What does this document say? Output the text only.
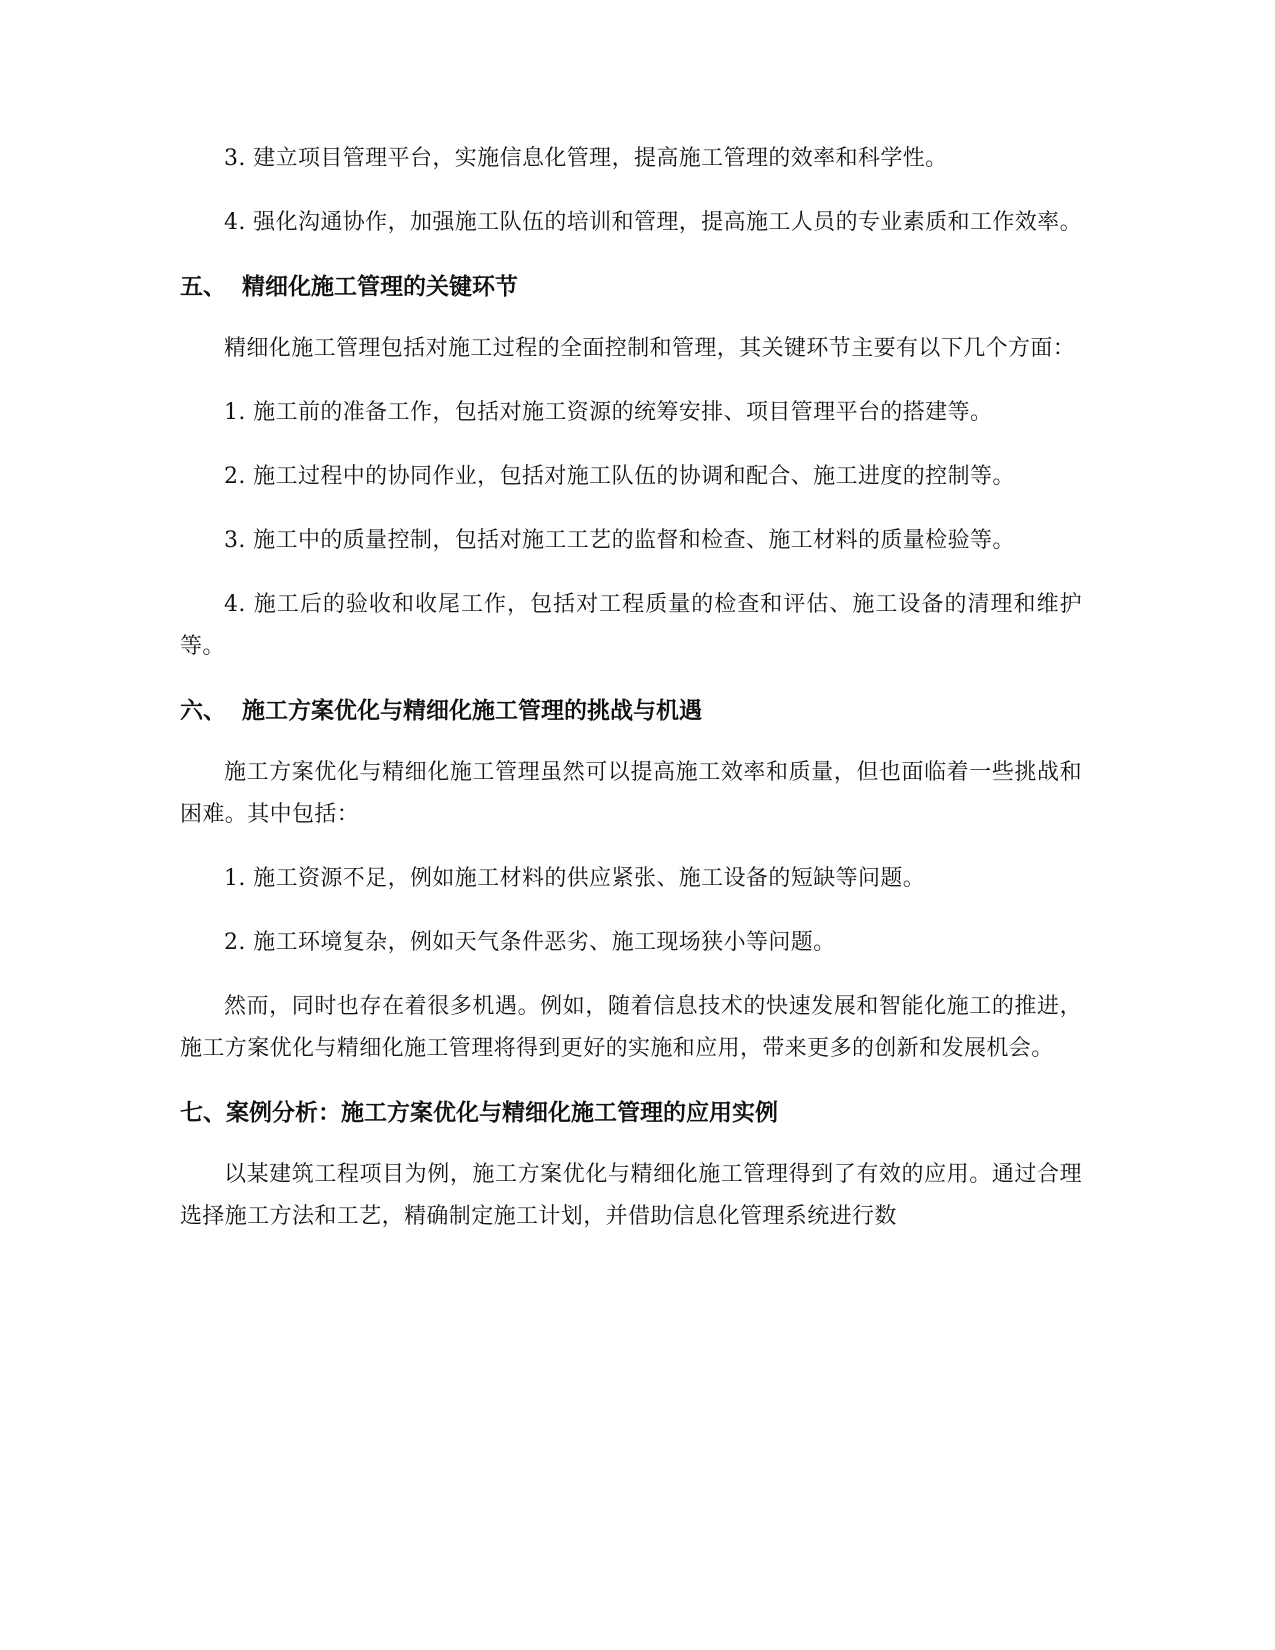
3. 建立项目管理平台，实施信息化管理，提高施工管理的效率和科学性。

4. 强化沟通协作，加强施工队伍的培训和管理，提高施工人员的专业素质和工作效率。

五、  精细化施工管理的关键环节

精细化施工管理包括对施工过程的全面控制和管理，其关键环节主要有以下几个方面：

1. 施工前的准备工作，包括对施工资源的统筹安排、项目管理平台的搭建等。

2. 施工过程中的协同作业，包括对施工队伍的协调和配合、施工进度的控制等。

3. 施工中的质量控制，包括对施工工艺的监督和检查、施工材料的质量检验等。

4. 施工后的验收和收尾工作，包括对工程质量的检查和评估、施工设备的清理和维护等。

六、  施工方案优化与精细化施工管理的挑战与机遇

施工方案优化与精细化施工管理虽然可以提高施工效率和质量，但也面临着一些挑战和困难。其中包括：

1. 施工资源不足，例如施工材料的供应紧张、施工设备的短缺等问题。

2. 施工环境复杂，例如天气条件恶劣、施工现场狭小等问题。

然而，同时也存在着很多机遇。例如，随着信息技术的快速发展和智能化施工的推进，施工方案优化与精细化施工管理将得到更好的实施和应用，带来更多的创新和发展机会。

七、案例分析：施工方案优化与精细化施工管理的应用实例

以某建筑工程项目为例，施工方案优化与精细化施工管理得到了有效的应用。通过合理选择施工方法和工艺，精确制定施工计划，并借助信息化管理系统进行数
